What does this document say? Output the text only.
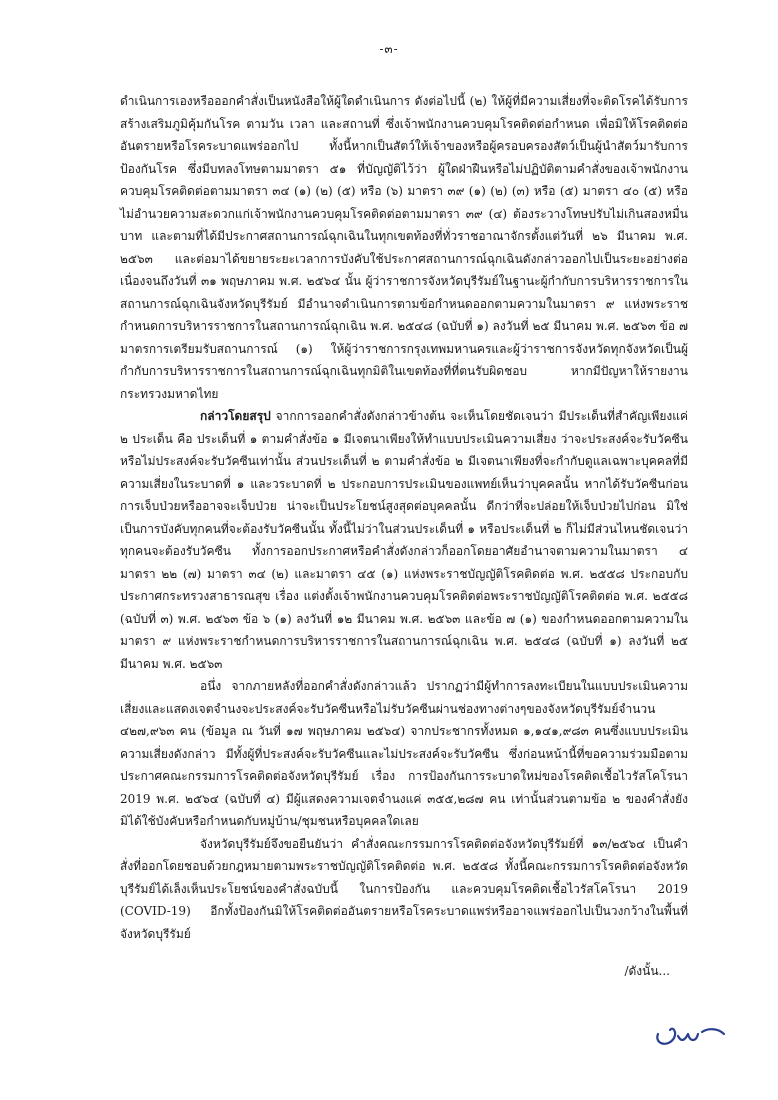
-๓-

ดำเนินการเองหรือออกคำสั่งเป็นหนังสือให้ผู้ใดดำเนินการ ดังต่อไปนี้ (๒) ให้ผู้ที่มีความเสี่ยงที่จะติดโรคได้รับการสร้างเสริมภูมิคุ้มกันโรค ตามวัน เวลา และสถานที่ ซึ่งเจ้าพนักงานควบคุมโรคติดต่อกำหนด เพื่อมิให้โรคติดต่ออันตรายหรือโรคระบาดแพร่ออกไป ทั้งนี้หากเป็นสัตว์ให้เจ้าของหรือผู้ครอบครองสัตว์เป็นผู้นำสัตว์มารับการป้องกันโรค ซึ่งมีบทลงโทษตามมาตรา ๕๑ ที่บัญญัติไว้ว่า ผู้ใดฝ่าฝืนหรือไม่ปฏิบัติตามคำสั่งของเจ้าพนักงานควบคุมโรคติดต่อตามมาตรา ๓๔ (๑) (๒) (๕) หรือ (๖) มาตรา ๓๙ (๑) (๒) (๓) หรือ (๕) มาตรา ๔๐ (๕) หรือไม่อำนวยความสะดวกแก่เจ้าพนักงานควบคุมโรคติดต่อตามมาตรา ๓๙ (๔) ต้องระวางโทษปรับไม่เกินสองหมื่นบาท และตามที่ได้มีประกาศสถานการณ์ฉุกเฉินในทุกเขตท้องที่ทั่วราชอาณาจักรตั้งแต่วันที่ ๒๖ มีนาคม พ.ศ. ๒๕๖๓ และต่อมาได้ขยายระยะเวลาการบังคับใช้ประกาศสถานการณ์ฉุกเฉินดังกล่าวออกไปเป็นระยะอย่างต่อเนื่องจนถึงวันที่ ๓๑ พฤษภาคม พ.ศ. ๒๕๖๔ นั้น ผู้ว่าราชการจังหวัดบุรีรัมย์ในฐานะผู้กำกับการบริหารราชการในสถานการณ์ฉุกเฉินจังหวัดบุรีรัมย์ มีอำนาจดำเนินการตามข้อกำหนดออกตามความในมาตรา ๙ แห่งพระราชกำหนดการบริหารราชการในสถานการณ์ฉุกเฉิน พ.ศ. ๒๕๔๘ (ฉบับที่ ๑) ลงวันที่ ๒๕ มีนาคม พ.ศ. ๒๕๖๓ ข้อ ๗ มาตรการเตรียมรับสถานการณ์ (๑) ให้ผู้ว่าราชการกรุงเทพมหานครและผู้ว่าราชการจังหวัดทุกจังหวัดเป็นผู้กำกับการบริหารราชการในสถานการณ์ฉุกเฉินทุกมิติในเขตท้องที่ที่ตนรับผิดชอบ หากมีปัญหาให้รายงานกระทรวงมหาดไทย

กล่าวโดยสรุป จากการออกคำสั่งดังกล่าวข้างต้น จะเห็นโดยชัดเจนว่า มีประเด็นที่สำคัญเพียงแค่ ๒ ประเด็น คือ ประเด็นที่ ๑ ตามคำสั่งข้อ ๑ มีเจตนาเพียงให้ทำแบบประเมินความเสี่ยง ว่าจะประสงค์จะรับวัคซีนหรือไม่ประสงค์จะรับวัคซีนเท่านั้น ส่วนประเด็นที่ ๒ ตามคำสั่งข้อ ๒ มีเจตนาเพียงที่จะกำกับดูแลเฉพาะบุคคลที่มีความเสี่ยงในระบาดที่ ๑ และวระบาดที่ ๒ ประกอบการประเมินของแพทย์เห็นว่าบุคคลนั้น หากได้รับวัคซีนก่อนการเจ็บป่วยหรืออาจจะเจ็บป่วย น่าจะเป็นประโยชน์สูงสุดต่อบุคคลนั้น ดีกว่าที่จะปล่อยให้เจ็บป่วยไปก่อน มิใช่เป็นการบังคับทุกคนที่จะต้องรับวัคซีนนั้น ทั้งนี้ไม่ว่าในส่วนประเด็นที่ ๑ หรือประเด็นที่ ๒ ก็ไม่มีส่วนไหนชัดเจนว่าทุกคนจะต้องรับวัคซีน ทั้งการออกประกาศหรือคำสั่งดังกล่าวก็ออกโดยอาศัยอำนาจตามความในมาตรา ๔ มาตรา ๒๒ (๗) มาตรา ๓๔ (๒) และมาตรา ๔๕ (๑) แห่งพระราชบัญญัติโรคติดต่อ พ.ศ. ๒๕๕๘ ประกอบกับประกาศกระทรวงสาธารณสุข เรื่อง แต่งตั้งเจ้าพนักงานควบคุมโรคติดต่อพระราชบัญญัติโรคติดต่อ พ.ศ. ๒๕๕๘ (ฉบับที่ ๓) พ.ศ. ๒๕๖๓ ข้อ ๖ (๑) ลงวันที่ ๑๒ มีนาคม พ.ศ. ๒๕๖๓ และข้อ ๗ (๑) ของกำหนดออกตามความในมาตรา ๙ แห่งพระราชกำหนดการบริหารราชการในสถานการณ์ฉุกเฉิน พ.ศ. ๒๕๔๘ (ฉบับที่ ๑) ลงวันที่ ๒๕ มีนาคม พ.ศ. ๒๕๖๓

อนึ่ง จากภายหลังที่ออกคำสั่งดังกล่าวแล้ว ปรากฏว่ามีผู้ทำการลงทะเบียนในแบบประเมินความเสี่ยงและแสดงเจตจำนงจะประสงค์จะรับวัคซีนหรือไม่รับวัคซีนผ่านช่องทางต่างๆของจังหวัดบุรีรัมย์จำนวน ๔๒๗,๙๖๓ คน (ข้อมูล ณ วันที่ ๑๗ พฤษภาคม ๒๕๖๔) จากประชากรทั้งหมด ๑,๑๔๑,๙๘๓ คนซึ่งแบบประเมินความเสี่ยงดังกล่าว มีทั้งผู้ที่ประสงค์จะรับวัคซีนและไม่ประสงค์จะรับวัคซีน ซึ่งก่อนหน้านี้ที่ขอความร่วมมือตามประกาศคณะกรรมการโรคติดต่อจังหวัดบุรีรัมย์ เรื่อง การป้องกันการระบาดใหม่ของโรคติดเชื้อไวรัสโคโรนา 2019 พ.ศ. ๒๕๖๔ (ฉบับที่ ๔) มีผู้แสดงความเจตจำนงแค่ ๓๕๕,๒๘๗ คน เท่านั้นส่วนตามข้อ ๒ ของคำสั่งยังมิได้ใช้บังคับหรือกำหนดกับหมู่บ้าน/ชุมชนหรือบุคคลใดเลย

จังหวัดบุรีรัมย์จึงขอยืนยันว่า คำสั่งคณะกรรมการโรคติดต่อจังหวัดบุรีรัมย์ที่ ๑๓/๒๕๖๔ เป็นคำสั่งที่ออกโดยชอบด้วยกฎหมายตามพระราชบัญญัติโรคติดต่อ พ.ศ. ๒๕๕๘ ทั้งนี้คณะกรรมการโรคติดต่อจังหวัดบุรีรัมย์ได้เล็งเห็นประโยชน์ของคำสั่งฉบับนี้ ในการป้องกัน และควบคุมโรคติดเชื้อไวรัสโคโรนา 2019 (COVID-19) อีกทั้งป้องกันมิให้โรคติดต่ออันตรายหรือโรคระบาดแพร่หรืออาจแพร่ออกไปเป็นวงกว้างในพื้นที่จังหวัดบุรีรัมย์

/ดังนั้น...
